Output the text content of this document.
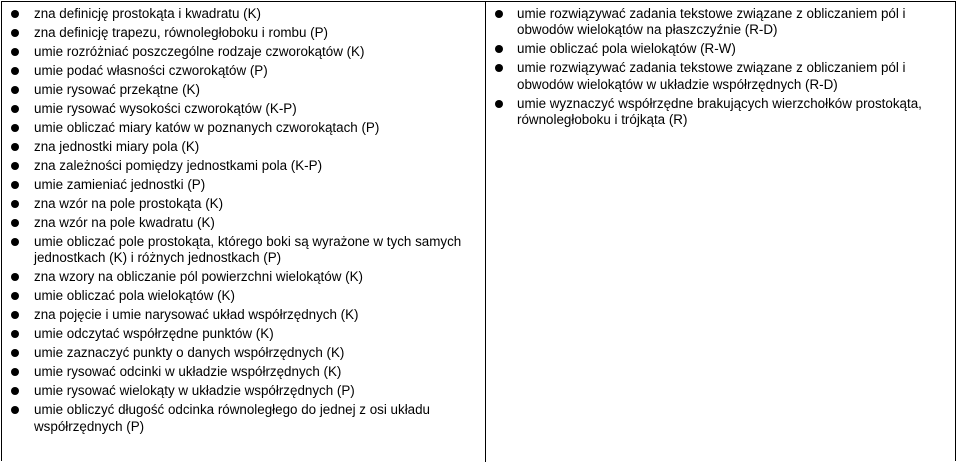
zna definicję prostokąta i kwadratu (K)
zna definicję trapezu, równoległoboku i rombu (P)
umie rozróżniać poszczególne rodzaje czworokątów (K)
umie podać własności czworokątów (P)
umie rysować przekątne (K)
umie rysować wysokości czworokątów (K-P)
umie obliczać miary katów w poznanych czworokątach (P)
zna jednostki miary pola (K)
zna zależności pomiędzy jednostkami pola (K-P)
umie zamieniać jednostki (P)
zna wzór na pole prostokąta (K)
zna wzór na pole kwadratu (K)
umie obliczać pole prostokąta, którego boki są wyrażone w tych samych
jednostkach (K) i różnych jednostkach (P)
zna wzory na obliczanie pól powierzchni wielokątów (K)
umie obliczać pola wielokątów (K)
zna pojęcie i umie narysować układ współrzędnych (K)
umie odczytać współrzędne punktów (K)
umie zaznaczyć punkty o danych współrzędnych (K)
umie rysować odcinki w układzie współrzędnych (K)
umie rysować wielokąty w układzie współrzędnych (P)
umie obliczyć długość odcinka równoległego do jednej z osi układu
współrzędnych (P)
umie rozwiązywać zadania tekstowe związane z obliczaniem pól i
obwodów wielokątów na płaszczyźnie (R-D)
umie obliczać pola wielokątów (R-W)
umie rozwiązywać zadania tekstowe związane z obliczaniem pól i
obwodów wielokątów w układzie współrzędnych (R-D)
umie wyznaczyć współrzędne brakujących wierzchołków prostokąta,
równoległoboku i trójkąta (R)
